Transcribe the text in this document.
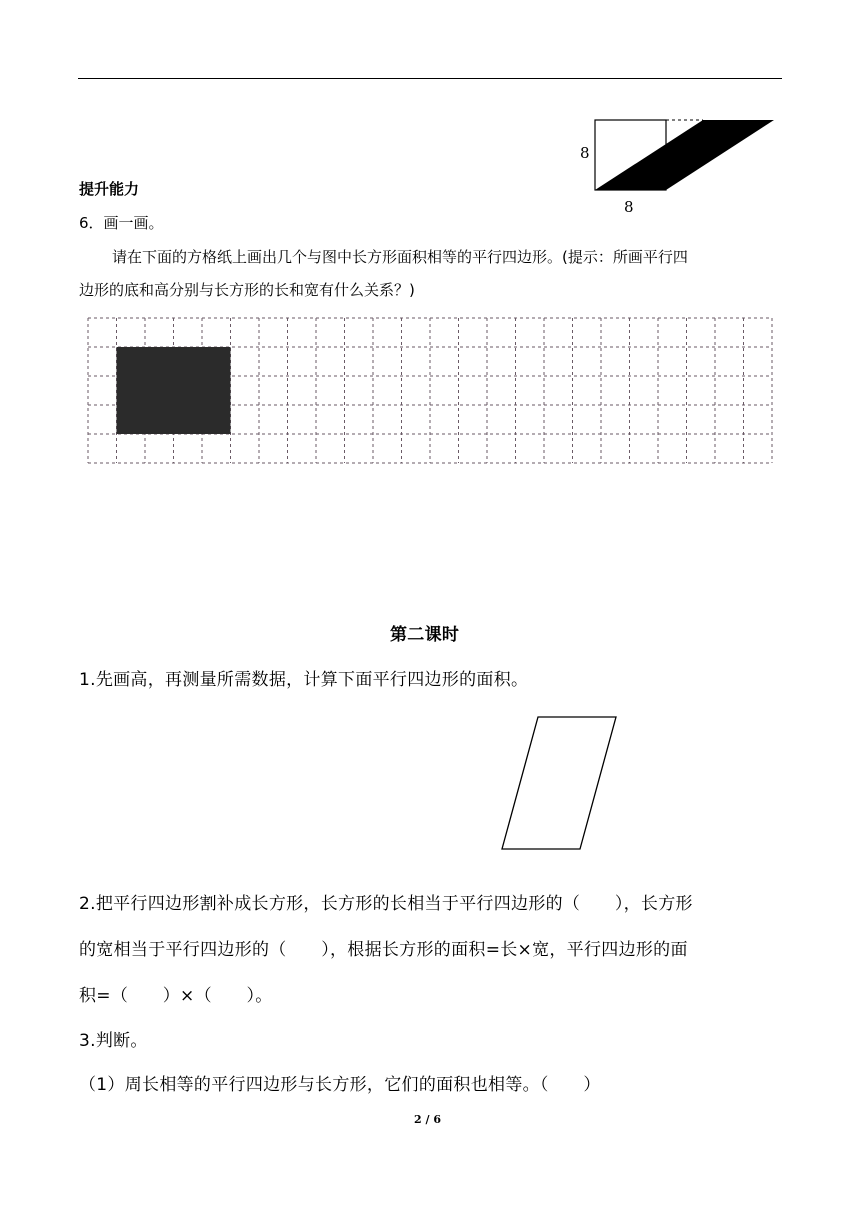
8
8
提升能力
6．画一画。
请在下面的方格纸上画出几个与图中长方形面积相等的平行四边形。(提示：所画平行四
边形的底和高分别与长方形的长和宽有什么关系？)
第二课时
1.先画高，再测量所需数据，计算下面平行四边形的面积。
2.把平行四边形割补成长方形，长方形的长相当于平行四边形的（　　），长方形
的宽相当于平行四边形的（　　），根据长方形的面积=长×宽，平行四边形的面
积=（　　）×（　　）。
3.判断。
（1）周长相等的平行四边形与长方形，它们的面积也相等。（　　）
2 / 6
